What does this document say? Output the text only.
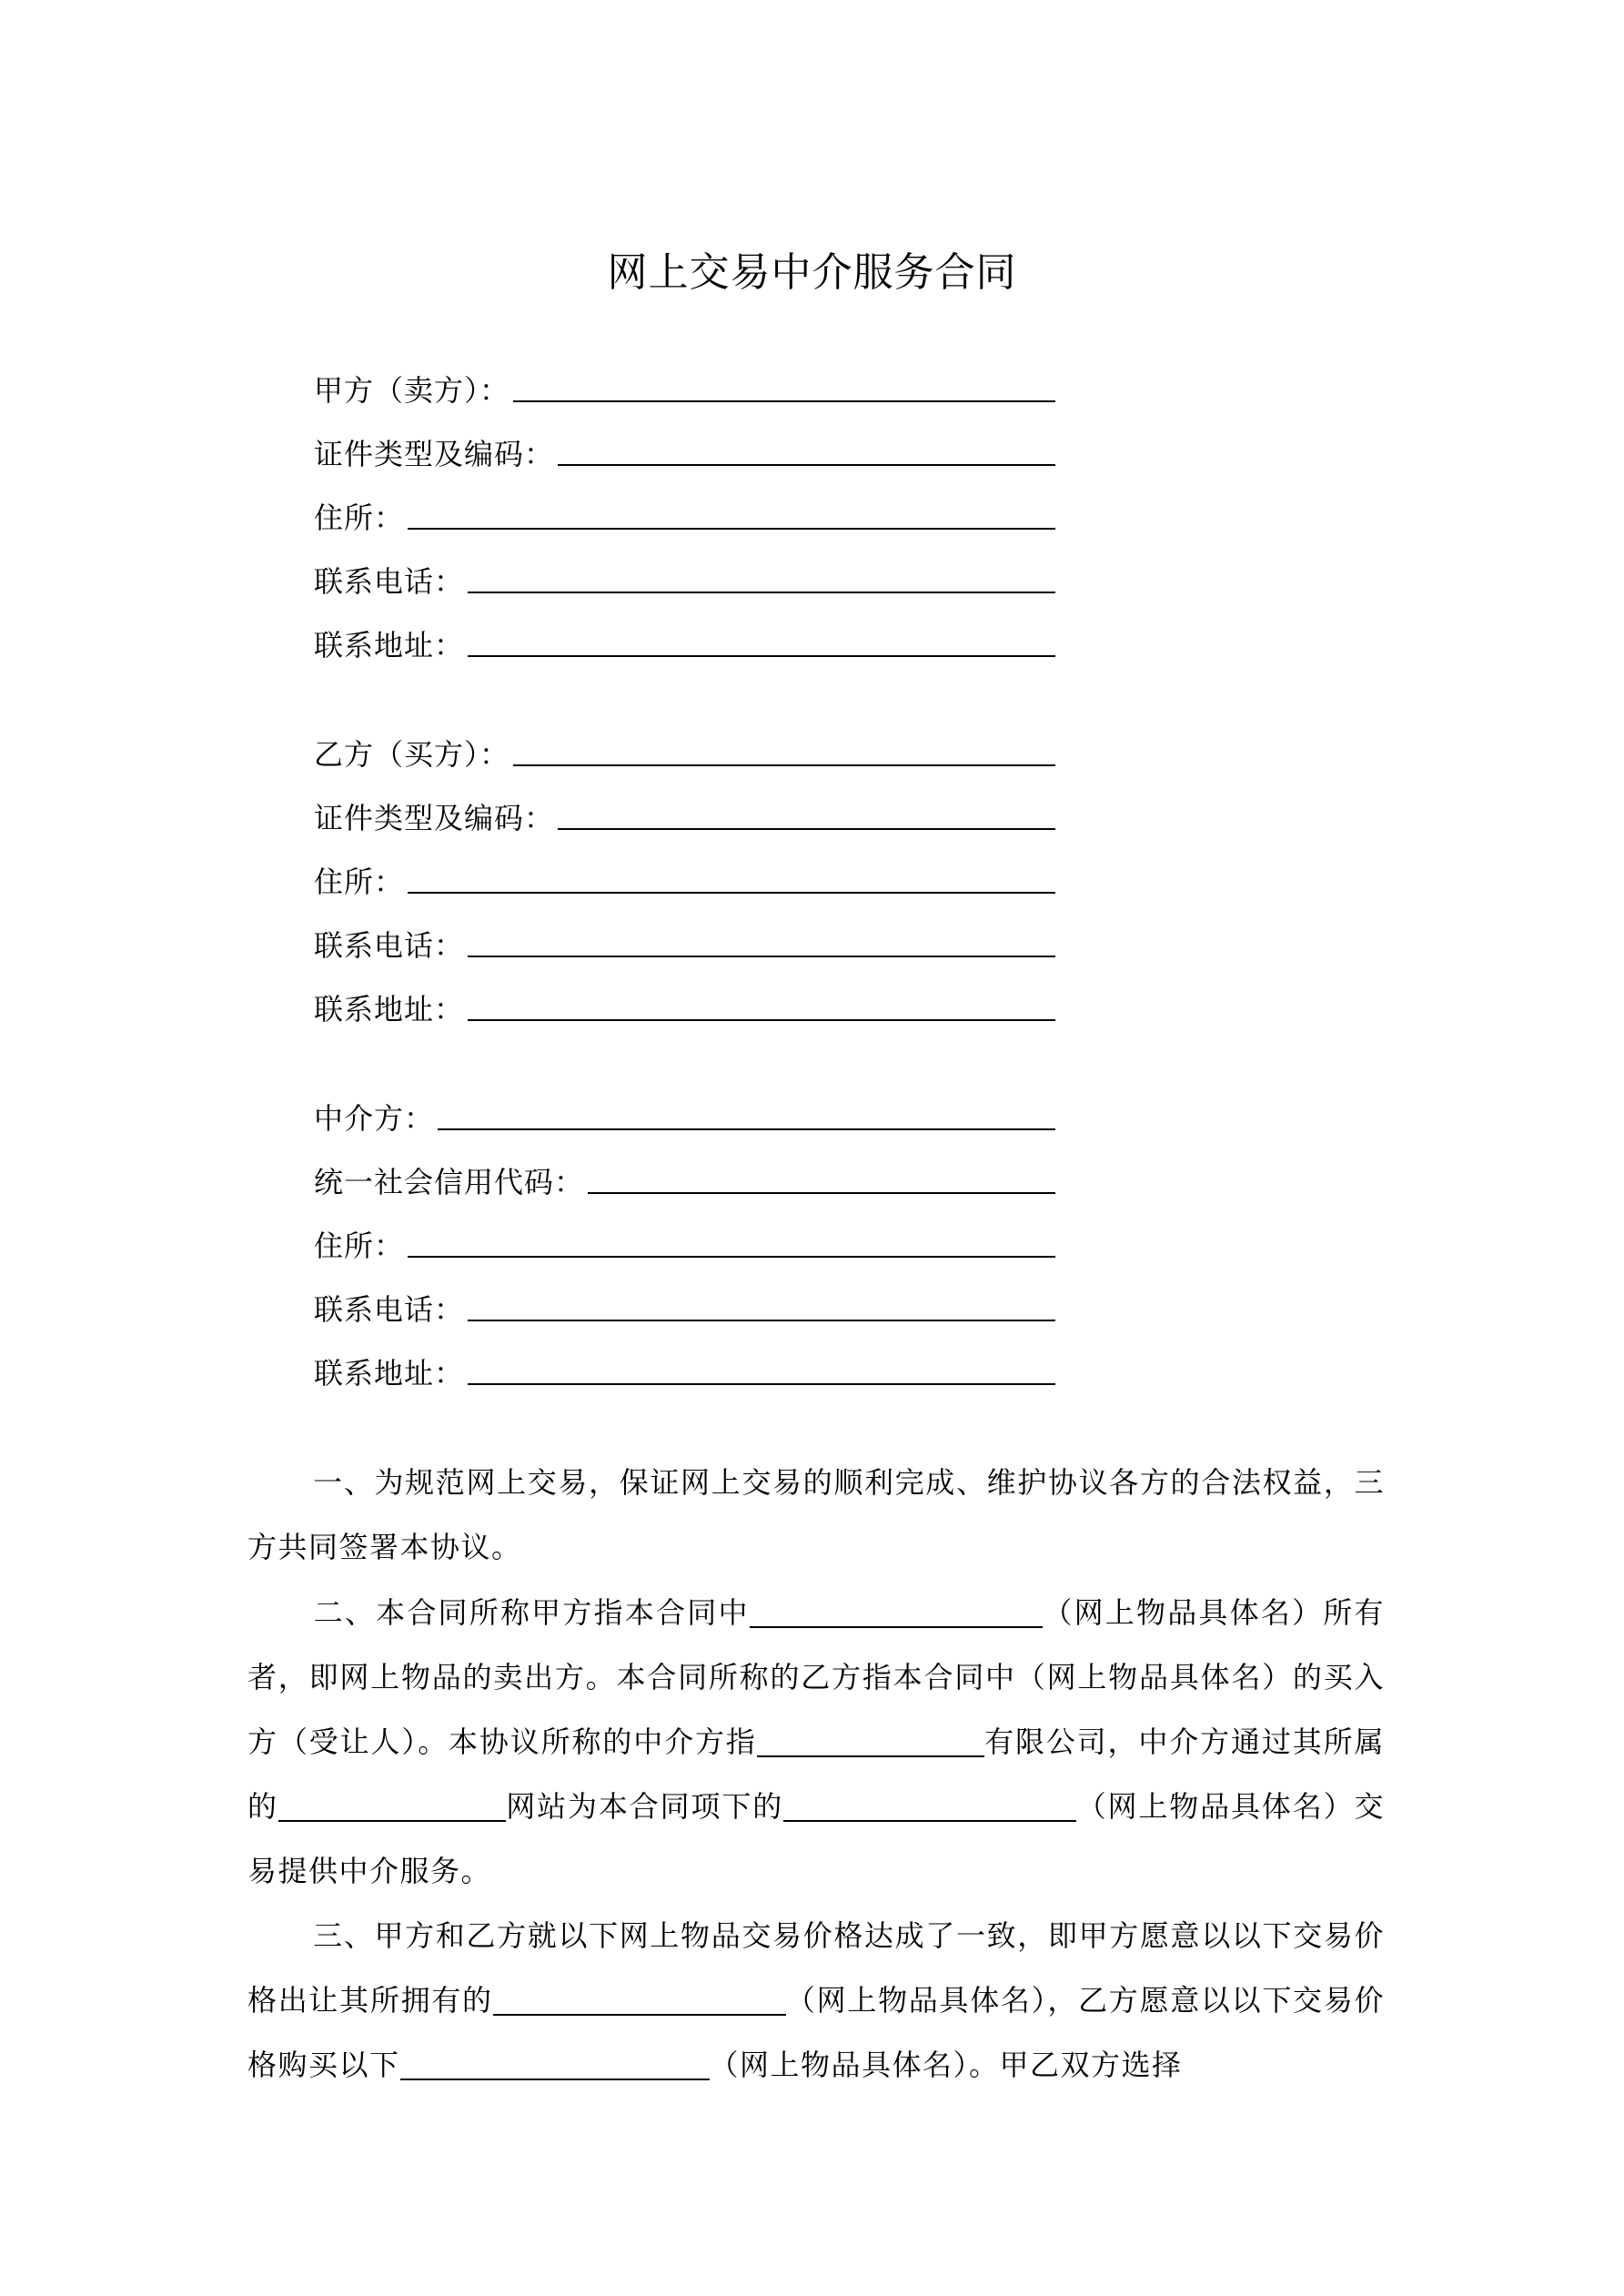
网上交易中介服务合同
甲方（卖方）：
证件类型及编码：
住所：
联系电话：
联系地址：
乙方（买方）：
证件类型及编码：
住所：
联系电话：
联系地址：
中介方：
统一社会信用代码：
住所：
联系电话：
联系地址：
一、为规范网上交易，保证网上交易的顺利完成、维护协议各方的合法权益，三方共同签署本协议。
二、本合同所称甲方指本合同中	（网上物品具体名）所有者，即网上物品的卖出方。本合同所称的乙方指本合同中（网上物品具体名）的买入方（受让人）。本协议所称的中介方指	有限公司，中介方通过其所属的	网站为本合同项下的	（网上物品具体名）交易提供中介服务。
三、甲方和乙方就以下网上物品交易价格达成了一致，即甲方愿意以以下交易价格出让其所拥有的	（网上物品具体名），乙方愿意以以下交易价格购买以下	（网上物品具体名）。甲乙双方选择
